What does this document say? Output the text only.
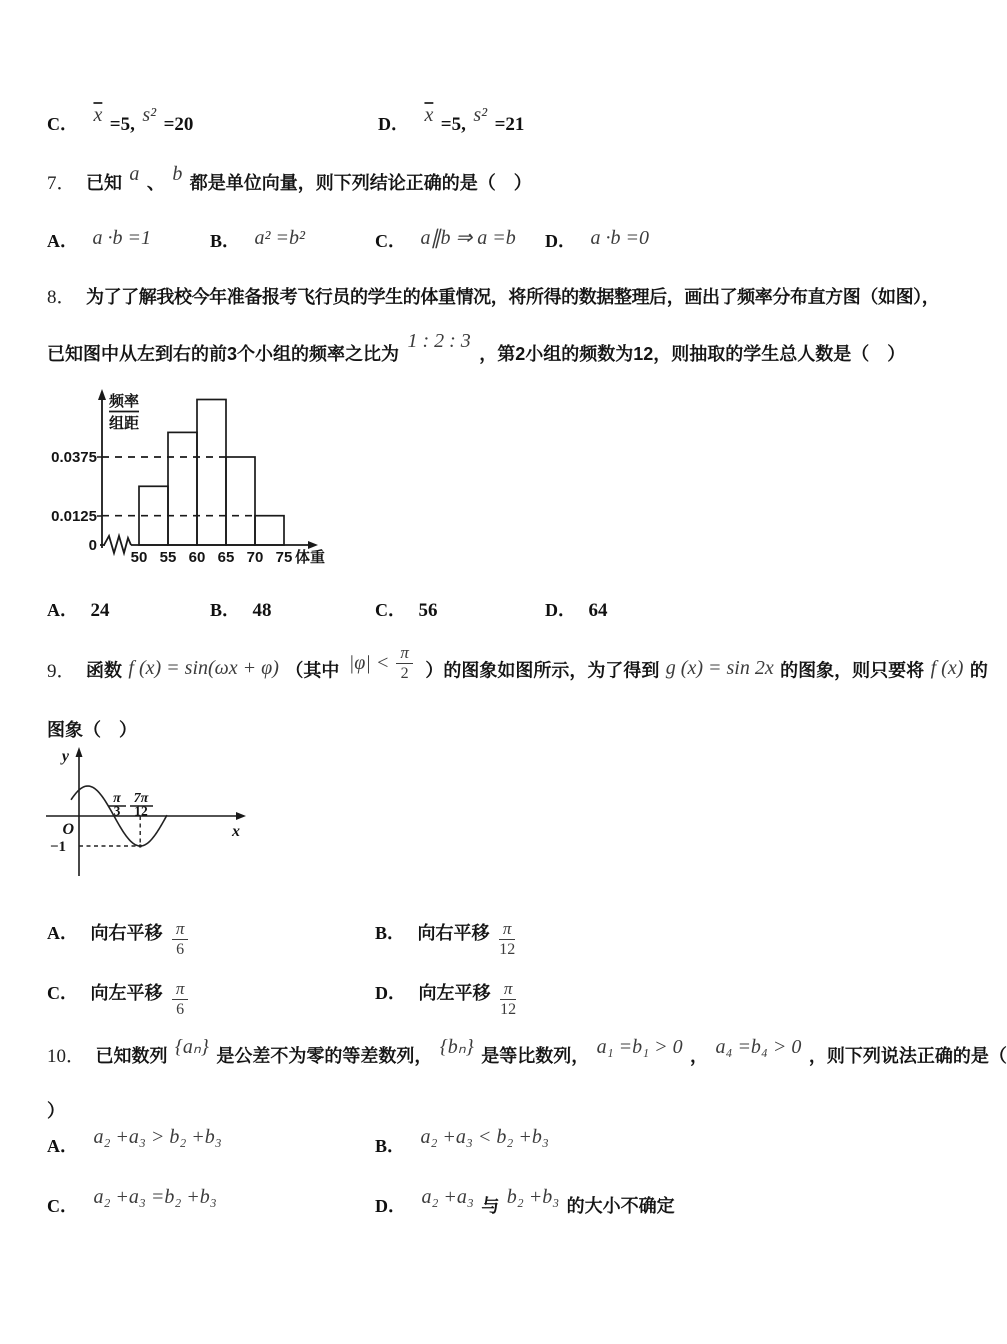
C． $\overline{x} =5$, s² =20	D． $\overline{x} =5$, s² =21
7． 已知 a 、 b 都是单位向量，则下列结论正确的是（　）
A． a ·b =1	B． a² =b²	C． a∥b ⇒ a =b D． a ·b =0
8． 为了了解我校今年准备报考飞行员的学生的体重情况，将所得的数据整理后，画出了频率分布直方图（如图），
已知图中从左到右的前3个小组的频率之比为 1 : 2 : 3 ，第2小组的频数为12，则抽取的学生总人数是（　）
频率
组距
体重
50 55 60 65 70 75
0
0.0125
0.0375
A． 24	B． 48	C． 56	D． 64
9． 函数 f (x) = sin(ωx + φ) （其中 $|\varphi| < \frac{\pi}{2}$ ）的图象如图所示，为了得到 g (x) = sin 2x 的图象，则只要将 f (x) 的
图象（　）
y
x
O
−1
π
3
7π
12
A． 向右平移 $\frac{\pi}{6}$	B． 向右平移 $\frac{\pi}{12}$
C． 向左平移 $\frac{\pi}{6}$	D． 向左平移 $\frac{\pi}{12}$
10． 已知数列 {aₙ} 是公差不为零的等差数列， {bₙ} 是等比数列， a₁ =b₁ > 0 ， a₄ =b₄ > 0 ，则下列说法正确的是（
）
A． a₂ +a₃ > b₂ +b₃	B． a₂ +a₃ < b₂ +b₃
C． a₂ +a₃ =b₂ +b₃	D． a₂ +a₃ 与 b₂ +b₃ 的大小不确定
